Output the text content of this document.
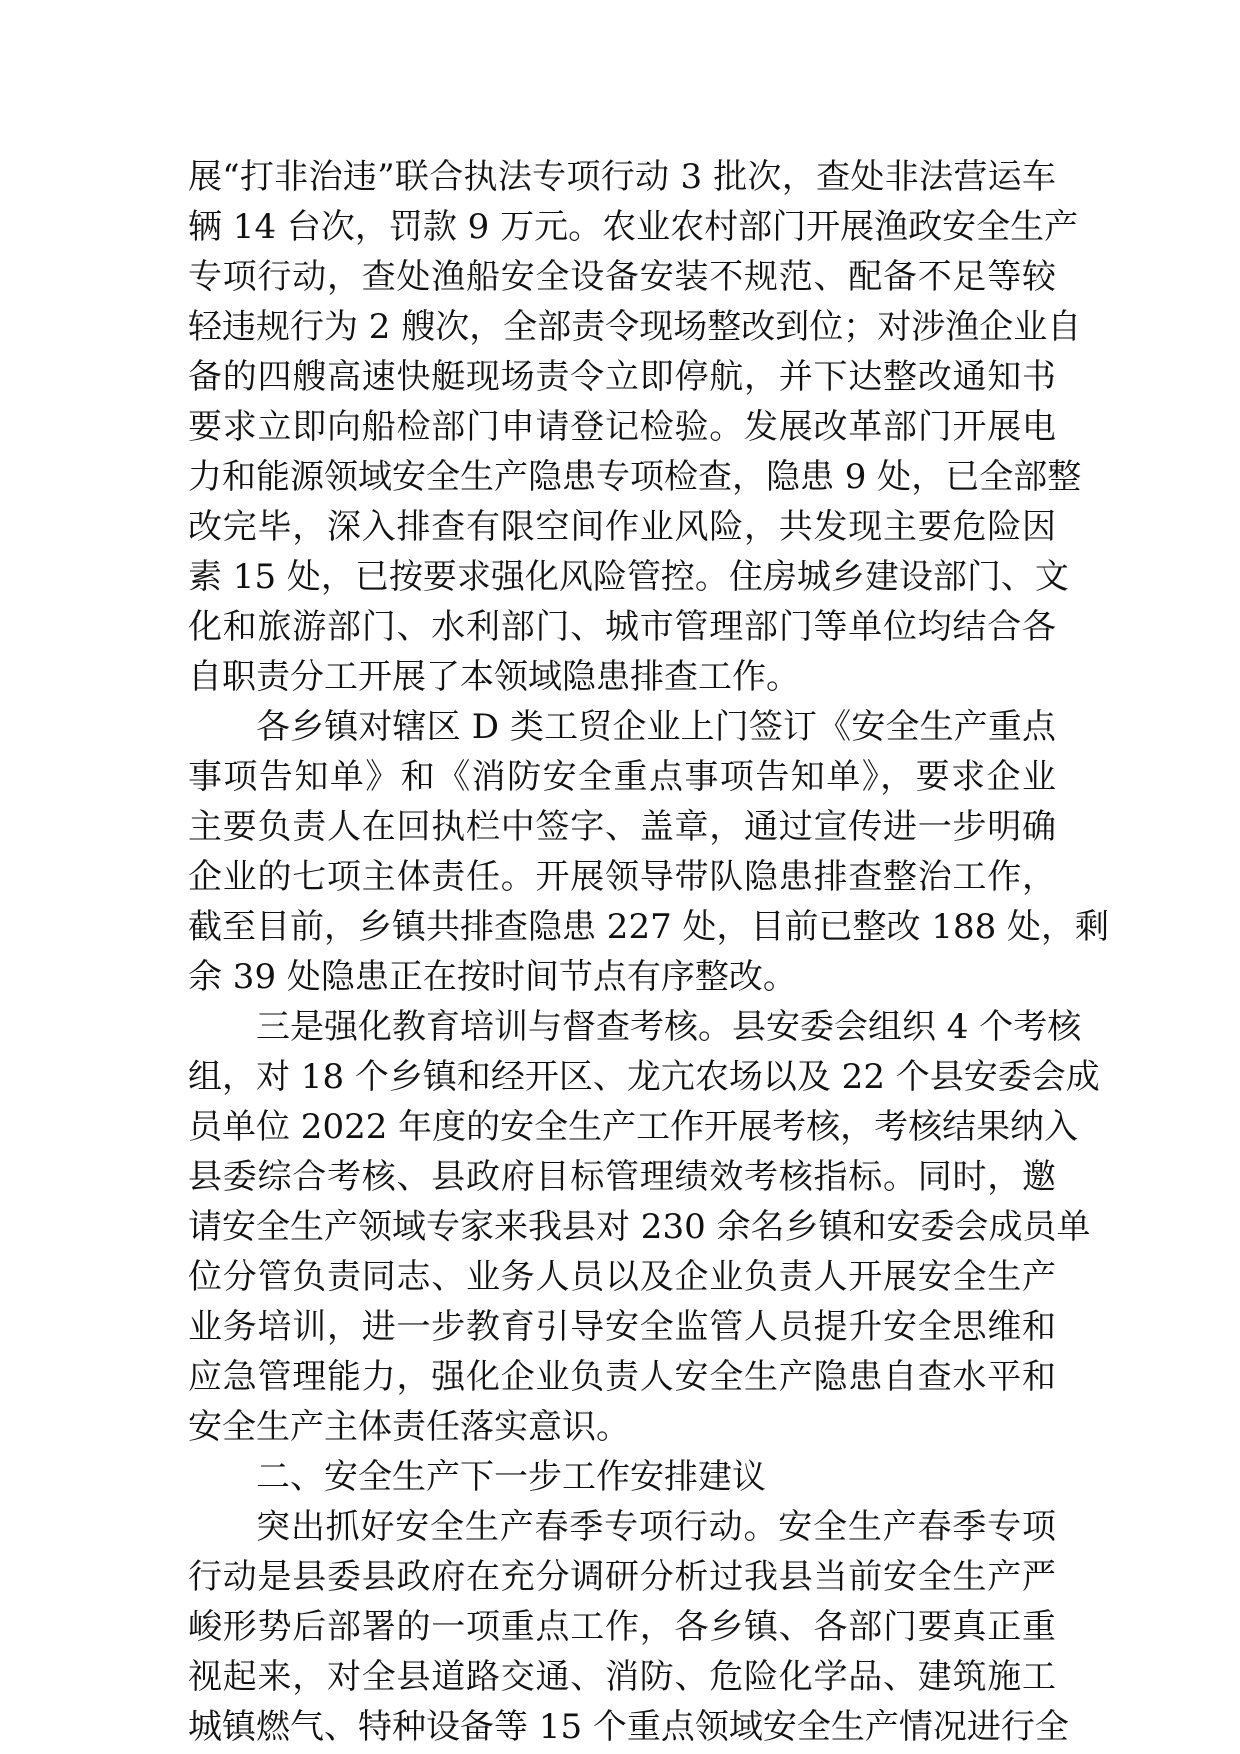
展“打非治违”联合执法专项行动 3 批次，查处非法营运车
辆 14 台次，罚款 9 万元。农业农村部门开展渔政安全生产
专项行动，查处渔船安全设备安装不规范、配备不足等较
轻违规行为 2 艘次，全部责令现场整改到位；对涉渔企业自
备的四艘高速快艇现场责令立即停航，并下达整改通知书
要求立即向船检部门申请登记检验。发展改革部门开展电
力和能源领域安全生产隐患专项检查，隐患 9 处，已全部整
改完毕，深入排查有限空间作业风险，共发现主要危险因
素 15 处，已按要求强化风险管控。住房城乡建设部门、文
化和旅游部门、水利部门、城市管理部门等单位均结合各
自职责分工开展了本领域隐患排查工作。

各乡镇对辖区 D 类工贸企业上门签订《安全生产重点
事项告知单》和《消防安全重点事项告知单》，要求企业
主要负责人在回执栏中签字、盖章，通过宣传进一步明确
企业的七项主体责任。开展领导带队隐患排查整治工作，
截至目前，乡镇共排查隐患 227 处，目前已整改 188 处，剩
余 39 处隐患正在按时间节点有序整改。

三是强化教育培训与督查考核。县安委会组织 4 个考核
组，对 18 个乡镇和经开区、龙亢农场以及 22 个县安委会成
员单位 2022 年度的安全生产工作开展考核，考核结果纳入
县委综合考核、县政府目标管理绩效考核指标。同时，邀
请安全生产领域专家来我县对 230 余名乡镇和安委会成员单
位分管负责同志、业务人员以及企业负责人开展安全生产
业务培训，进一步教育引导安全监管人员提升安全思维和
应急管理能力，强化企业负责人安全生产隐患自查水平和
安全生产主体责任落实意识。

二、安全生产下一步工作安排建议

突出抓好安全生产春季专项行动。安全生产春季专项
行动是县委县政府在充分调研分析过我县当前安全生产严
峻形势后部署的一项重点工作，各乡镇、各部门要真正重
视起来，对全县道路交通、消防、危险化学品、建筑施工
城镇燃气、特种设备等 15 个重点领域安全生产情况进行全
